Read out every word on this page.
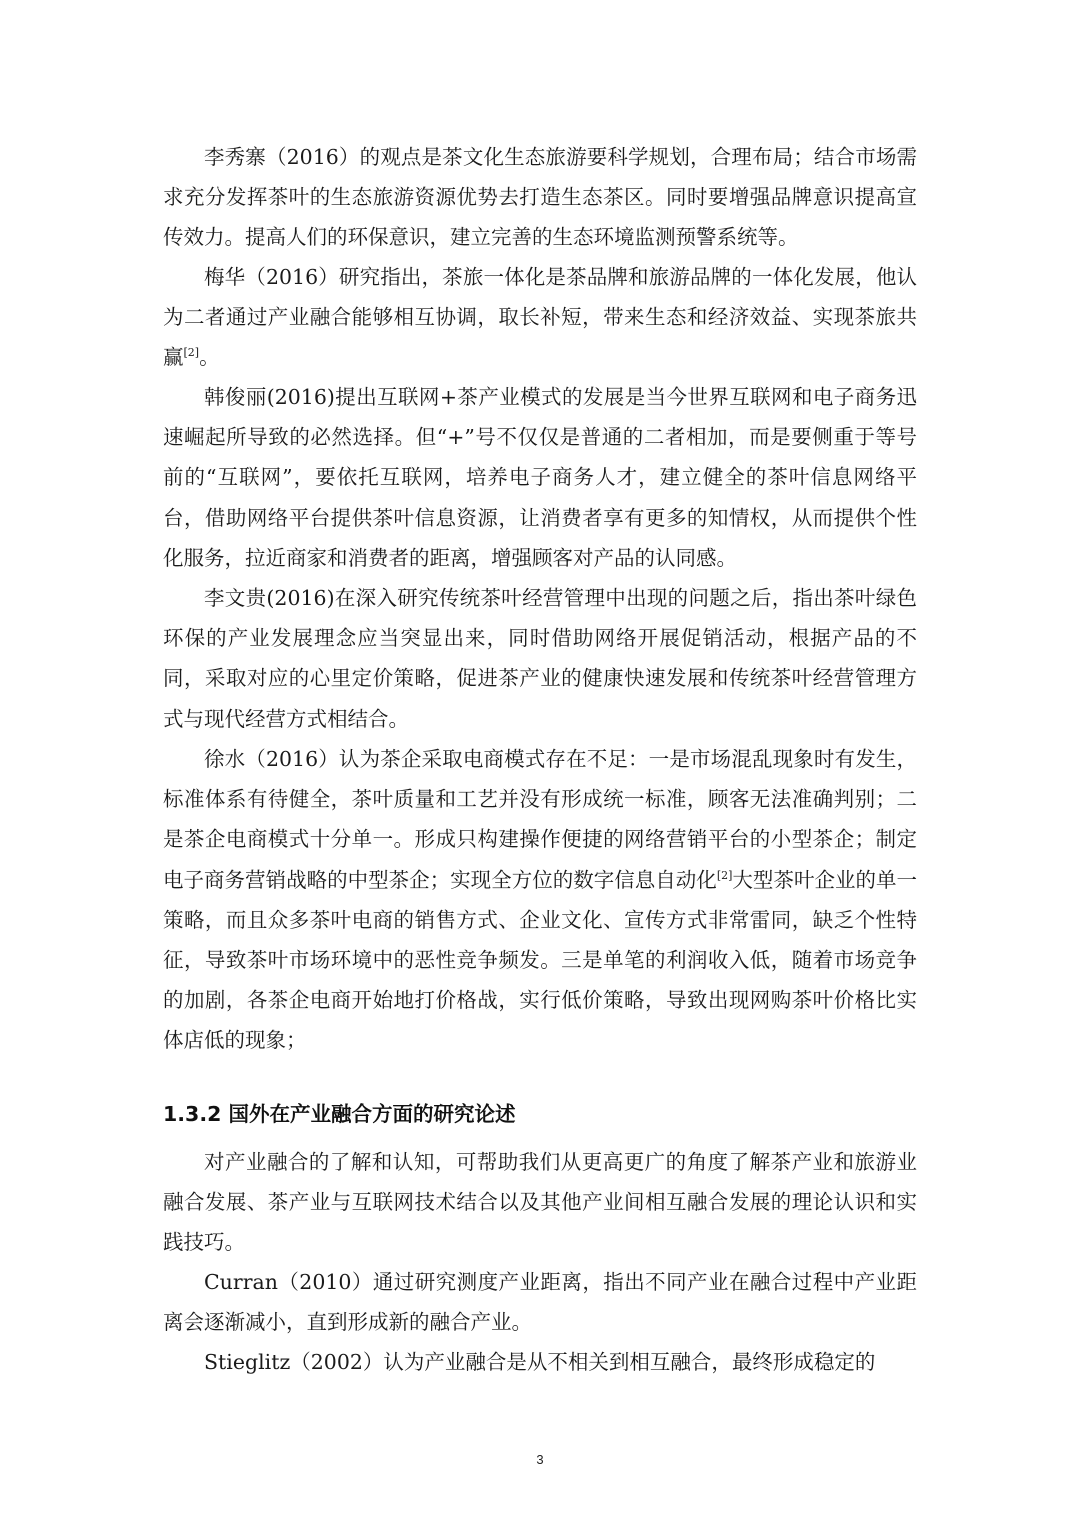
李秀寨（2016）的观点是茶文化生态旅游要科学规划，合理布局；结合市场需求充分发挥茶叶的生态旅游资源优势去打造生态茶区。同时要增强品牌意识提高宣传效力。提高人们的环保意识，建立完善的生态环境监测预警系统等。

梅华（2016）研究指出，茶旅一体化是茶品牌和旅游品牌的一体化发展，他认为二者通过产业融合能够相互协调，取长补短，带来生态和经济效益、实现茶旅共赢[2]。

韩俊丽(2016)提出互联网+茶产业模式的发展是当今世界互联网和电子商务迅速崛起所导致的必然选择。但“+”号不仅仅是普通的二者相加，而是要侧重于等号前的“互联网”，要依托互联网，培养电子商务人才，建立健全的茶叶信息网络平台，借助网络平台提供茶叶信息资源，让消费者享有更多的知情权，从而提供个性化服务，拉近商家和消费者的距离，增强顾客对产品的认同感。

李文贵(2016)在深入研究传统茶叶经营管理中出现的问题之后，指出茶叶绿色环保的产业发展理念应当突显出来，同时借助网络开展促销活动，根据产品的不同，采取对应的心里定价策略，促进茶产业的健康快速发展和传统茶叶经营管理方式与现代经营方式相结合。

徐水（2016）认为茶企采取电商模式存在不足：一是市场混乱现象时有发生，标准体系有待健全，茶叶质量和工艺并没有形成统一标准，顾客无法准确判别；二是茶企电商模式十分单一。形成只构建操作便捷的网络营销平台的小型茶企；制定电子商务营销战略的中型茶企；实现全方位的数字信息自动化[2]大型茶叶企业的单一策略，而且众多茶叶电商的销售方式、企业文化、宣传方式非常雷同，缺乏个性特征，导致茶叶市场环境中的恶性竞争频发。三是单笔的利润收入低，随着市场竞争的加剧，各茶企电商开始地打价格战，实行低价策略，导致出现网购茶叶价格比实体店低的现象；

1.3.2 国外在产业融合方面的研究论述

对产业融合的了解和认知，可帮助我们从更高更广的角度了解茶产业和旅游业融合发展、茶产业与互联网技术结合以及其他产业间相互融合发展的理论认识和实践技巧。

Curran（2010）通过研究测度产业距离，指出不同产业在融合过程中产业距离会逐渐减小，直到形成新的融合产业。

Stieglitz（2002）认为产业融合是从不相关到相互融合，最终形成稳定的

3
